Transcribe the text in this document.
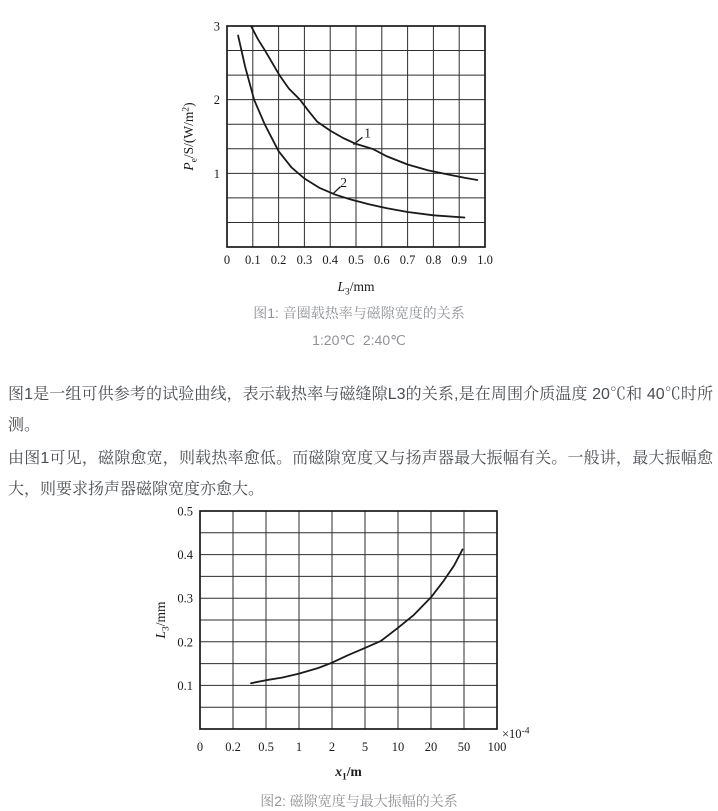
0 0.1 0.2 0.3 0.4 0.5 0.6 0.7 0.8 0.9 1.0
1
2
3
1
2
$L_3/mm$
$P_e/S/(W/m^2)$
图1: 音圈载热率与磁隙宽度的关系
1:20℃  2:40℃

图1是一组可供参考的试验曲线，表示载热率与磁缝隙L3的关系,是在周围介质温度 20℃和 40℃时所测。

由图1可见，磁隙愈宽，则载热率愈低。而磁隙宽度又与扬声器最大振幅有关。一般讲，最大振幅愈大，则要求扬声器磁隙宽度亦愈大。

0 0.2 0.5 1 2 5 10 20 50 100
0.1
0.2
0.3
0.4
0.5
$x_1/m$
$L_3/mm$
$\times 10^{-4}$
图2: 磁隙宽度与最大振幅的关系
